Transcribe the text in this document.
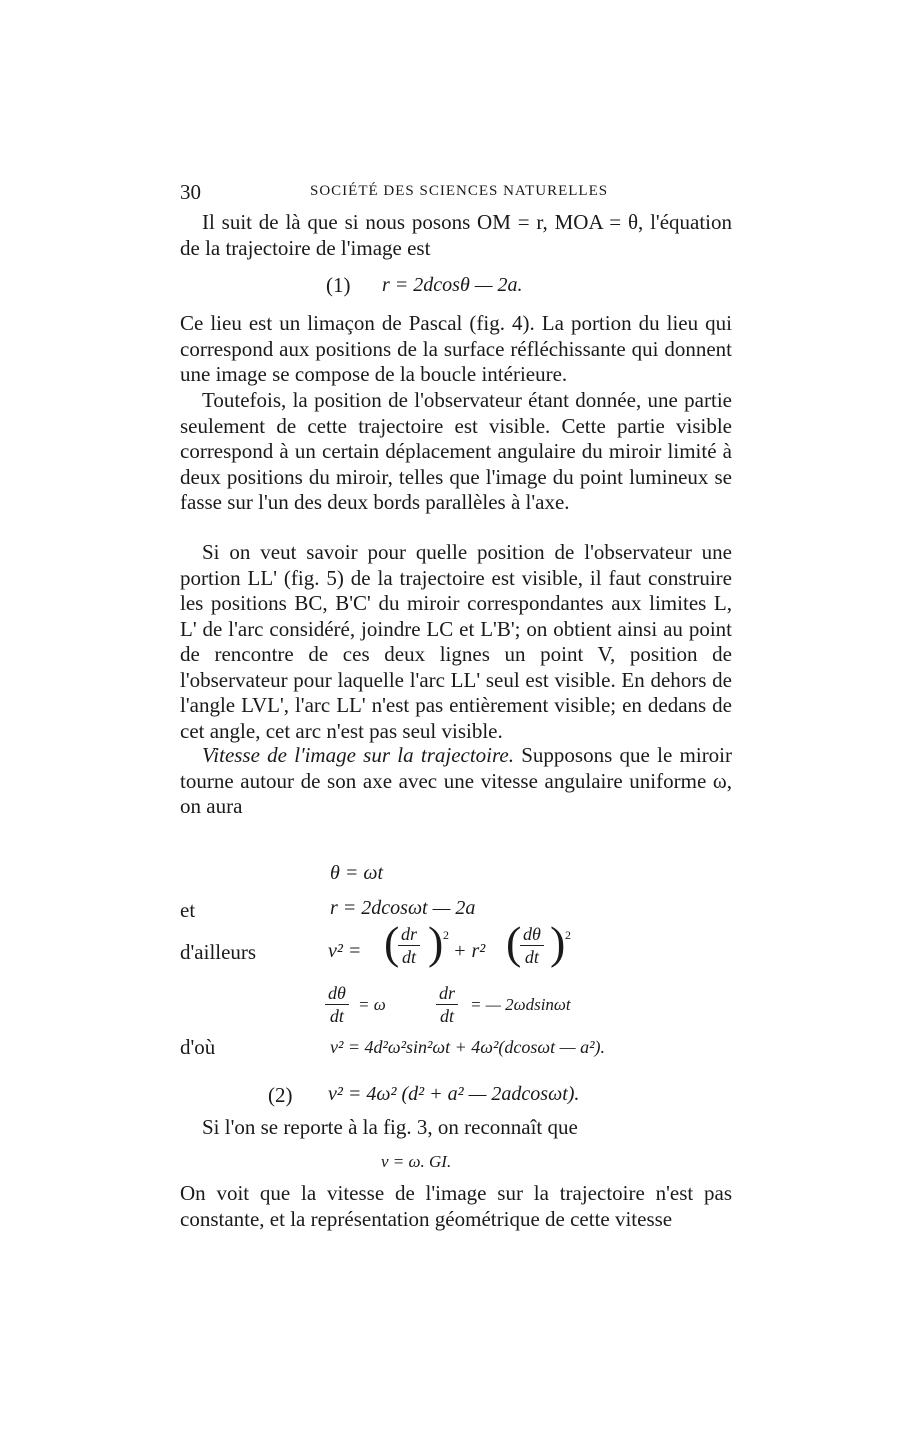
30	SOCIÉTÉ DES SCIENCES NATURELLES
Il suit de là que si nous posons OM = r, MOA = θ, l'équation de la trajectoire de l'image est
(1) r = 2dcosθ — 2a.
Ce lieu est un limaçon de Pascal (fig. 4). La portion du lieu qui correspond aux positions de la surface réfléchissante qui donnent une image se compose de la boucle intérieure.
Toutefois, la position de l'observateur étant donnée, une partie seulement de cette trajectoire est visible. Cette partie visible correspond à un certain déplacement angulaire du miroir limité à deux positions du miroir, telles que l'image du point lumineux se fasse sur l'un des deux bords parallèles à l'axe.
Si on veut savoir pour quelle position de l'observateur une portion LL' (fig. 5) de la trajectoire est visible, il faut construire les positions BC, B'C' du miroir correspondantes aux limites L, L' de l'arc considéré, joindre LC et L'B'; on obtient ainsi au point de rencontre de ces deux lignes un point V, position de l'observateur pour laquelle l'arc LL' seul est visible. En dehors de l'angle LVL', l'arc LL' n'est pas entièrement visible; en dedans de cet angle, cet arc n'est pas seul visible.
Vitesse de l'image sur la trajectoire. Supposons que le miroir tourne autour de son axe avec une vitesse angulaire uniforme ω, on aura
θ = ωt
et	r = 2dcosωt — 2a
d'ailleurs	v² = (
$\frac{dr}{dt}$ ) 2
+ r² (
$\frac{d\theta}{dt}$ ) 2
$\frac{d\theta}{dt} = \omega$	$\frac{dr}{dt}$ = — 2ωdsinωt
d'où	v² = 4d²ω²sin²ωt + 4ω²(dcosωt — a²).
(2) v² = 4ω² (d² + a² — 2adcosωt).
Si l'on se reporte à la fig. 3, on reconnaît que
v = ω. GI.
On voit que la vitesse de l'image sur la trajectoire n'est pas constante, et la représentation géométrique de cette vitesse
